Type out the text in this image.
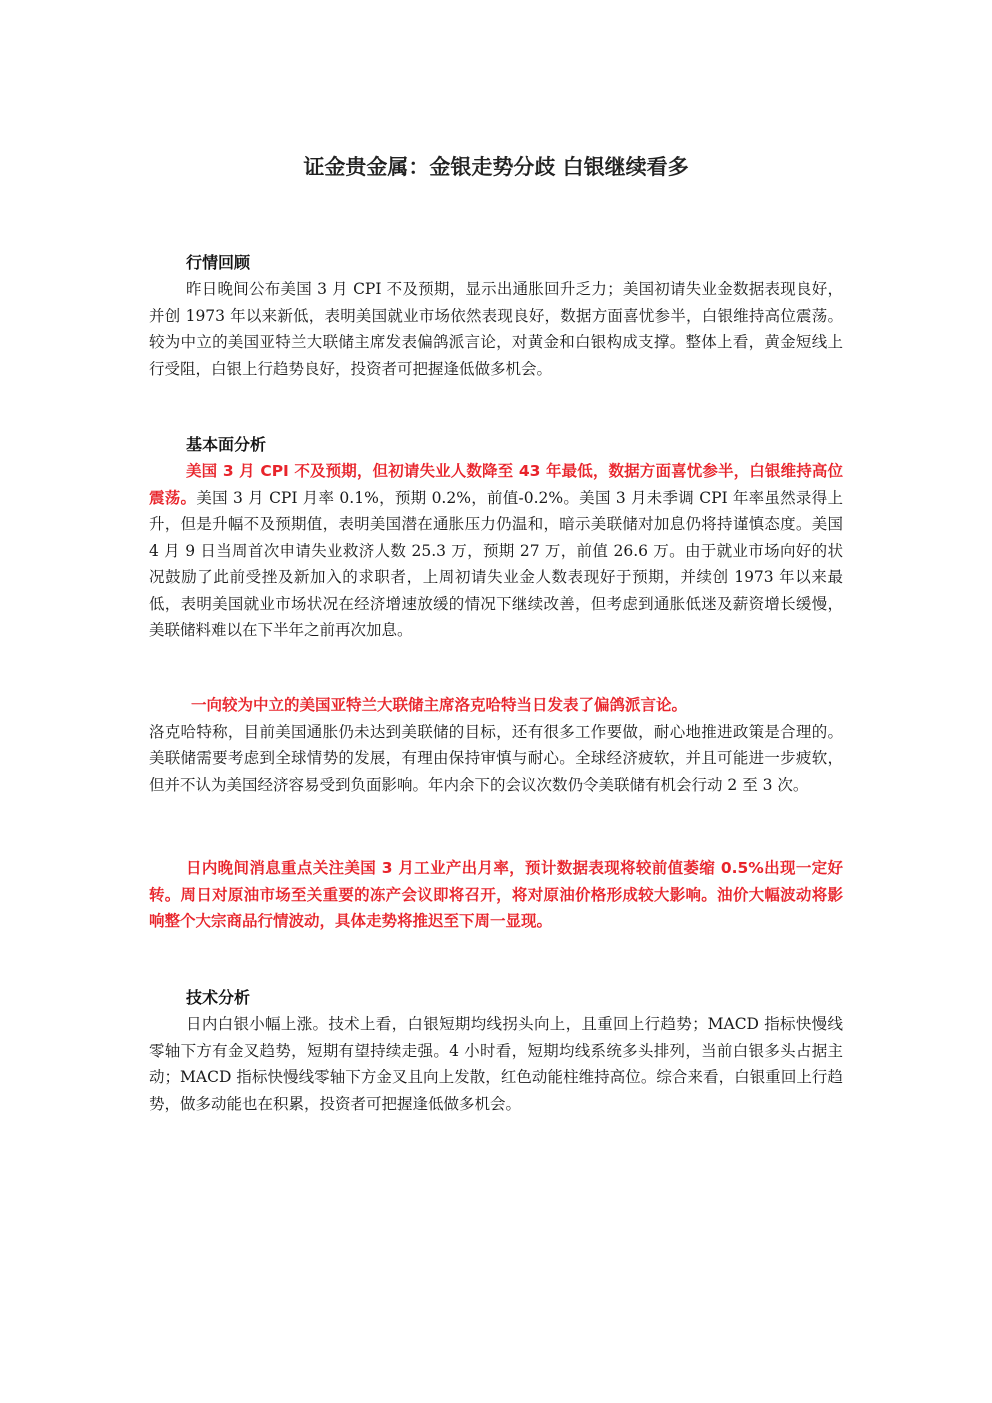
证金贵金属：金银走势分歧 白银继续看多
行情回顾

昨日晚间公布美国 3 月 CPI 不及预期，显示出通胀回升乏力；美国初请失业金数据表现良好，并创 1973 年以来新低，表明美国就业市场依然表现良好，数据方面喜忧参半，白银维持高位震荡。较为中立的美国亚特兰大联储主席发表偏鸽派言论，对黄金和白银构成支撑。整体上看，黄金短线上行受阻，白银上行趋势良好，投资者可把握逢低做多机会。

基本面分析

美国 3 月 CPI 不及预期，但初请失业人数降至 43 年最低，数据方面喜忧参半，白银维持高位震荡。美国 3 月 CPI 月率 0.1%，预期 0.2%，前值-0.2%。美国 3 月未季调 CPI 年率虽然录得上升，但是升幅不及预期值，表明美国潜在通胀压力仍温和，暗示美联储对加息仍将持谨慎态度。美国 4 月 9 日当周首次申请失业救济人数 25.3 万，预期 27 万，前值 26.6 万。由于就业市场向好的状况鼓励了此前受挫及新加入的求职者，上周初请失业金人数表现好于预期，并续创 1973 年以来最低，表明美国就业市场状况在经济增速放缓的情况下继续改善，但考虑到通胀低迷及薪资增长缓慢，美联储料难以在下半年之前再次加息。

一向较为中立的美国亚特兰大联储主席洛克哈特当日发表了偏鸽派言论。
洛克哈特称，目前美国通胀仍未达到美联储的目标，还有很多工作要做，耐心地推进政策是合理的。美联储需要考虑到全球情势的发展，有理由保持审慎与耐心。全球经济疲软，并且可能进一步疲软，但并不认为美国经济容易受到负面影响。年内余下的会议次数仍令美联储有机会行动 2 至 3 次。

日内晚间消息重点关注美国 3 月工业产出月率，预计数据表现将较前值萎缩 0.5%出现一定好转。周日对原油市场至关重要的冻产会议即将召开，将对原油价格形成较大影响。油价大幅波动将影响整个大宗商品行情波动，具体走势将推迟至下周一显现。

技术分析

日内白银小幅上涨。技术上看，白银短期均线拐头向上，且重回上行趋势；MACD 指标快慢线零轴下方有金叉趋势，短期有望持续走强。4 小时看，短期均线系统多头排列，当前白银多头占据主动；MACD 指标快慢线零轴下方金叉且向上发散，红色动能柱维持高位。综合来看，白银重回上行趋势，做多动能也在积累，投资者可把握逢低做多机会。
